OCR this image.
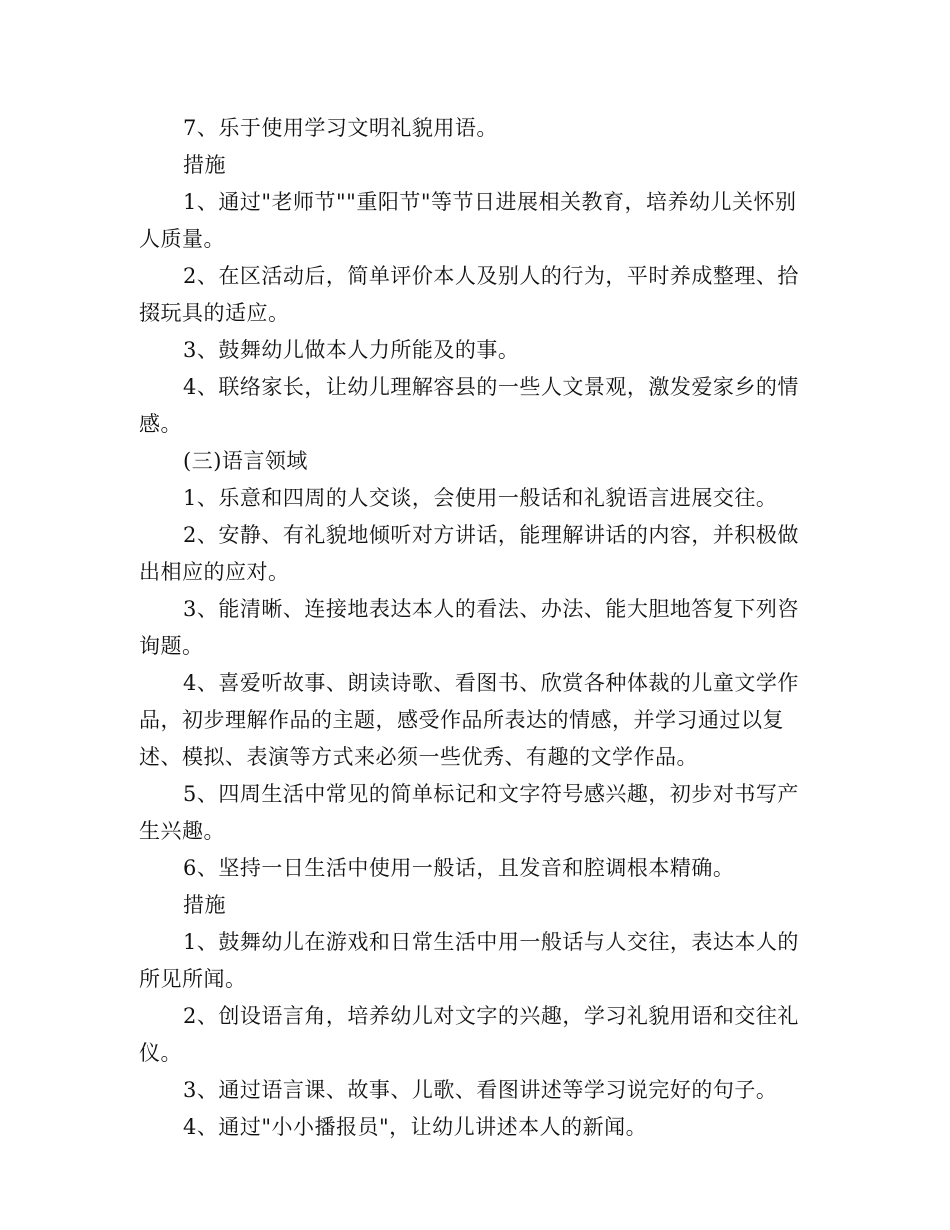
7、乐于使用学习文明礼貌用语。

措施

1、通过"老师节""重阳节"等节日进展相关教育，培养幼儿关怀别人质量。

2、在区活动后，简单评价本人及别人的行为，平时养成整理、拾掇玩具的适应。

3、鼓舞幼儿做本人力所能及的事。

4、联络家长，让幼儿理解容县的一些人文景观，激发爱家乡的情感。

(三)语言领域

1、乐意和四周的人交谈，会使用一般话和礼貌语言进展交往。

2、安静、有礼貌地倾听对方讲话，能理解讲话的内容，并积极做出相应的应对。

3、能清晰、连接地表达本人的看法、办法、能大胆地答复下列咨询题。

4、喜爱听故事、朗读诗歌、看图书、欣赏各种体裁的儿童文学作品，初步理解作品的主题，感受作品所表达的情感，并学习通过以复述、模拟、表演等方式来必须一些优秀、有趣的文学作品。

5、四周生活中常见的简单标记和文字符号感兴趣，初步对书写产生兴趣。

6、坚持一日生活中使用一般话，且发音和腔调根本精确。

措施

1、鼓舞幼儿在游戏和日常生活中用一般话与人交往，表达本人的所见所闻。

2、创设语言角，培养幼儿对文字的兴趣，学习礼貌用语和交往礼仪。

3、通过语言课、故事、儿歌、看图讲述等学习说完好的句子。

4、通过"小小播报员"，让幼儿讲述本人的新闻。
